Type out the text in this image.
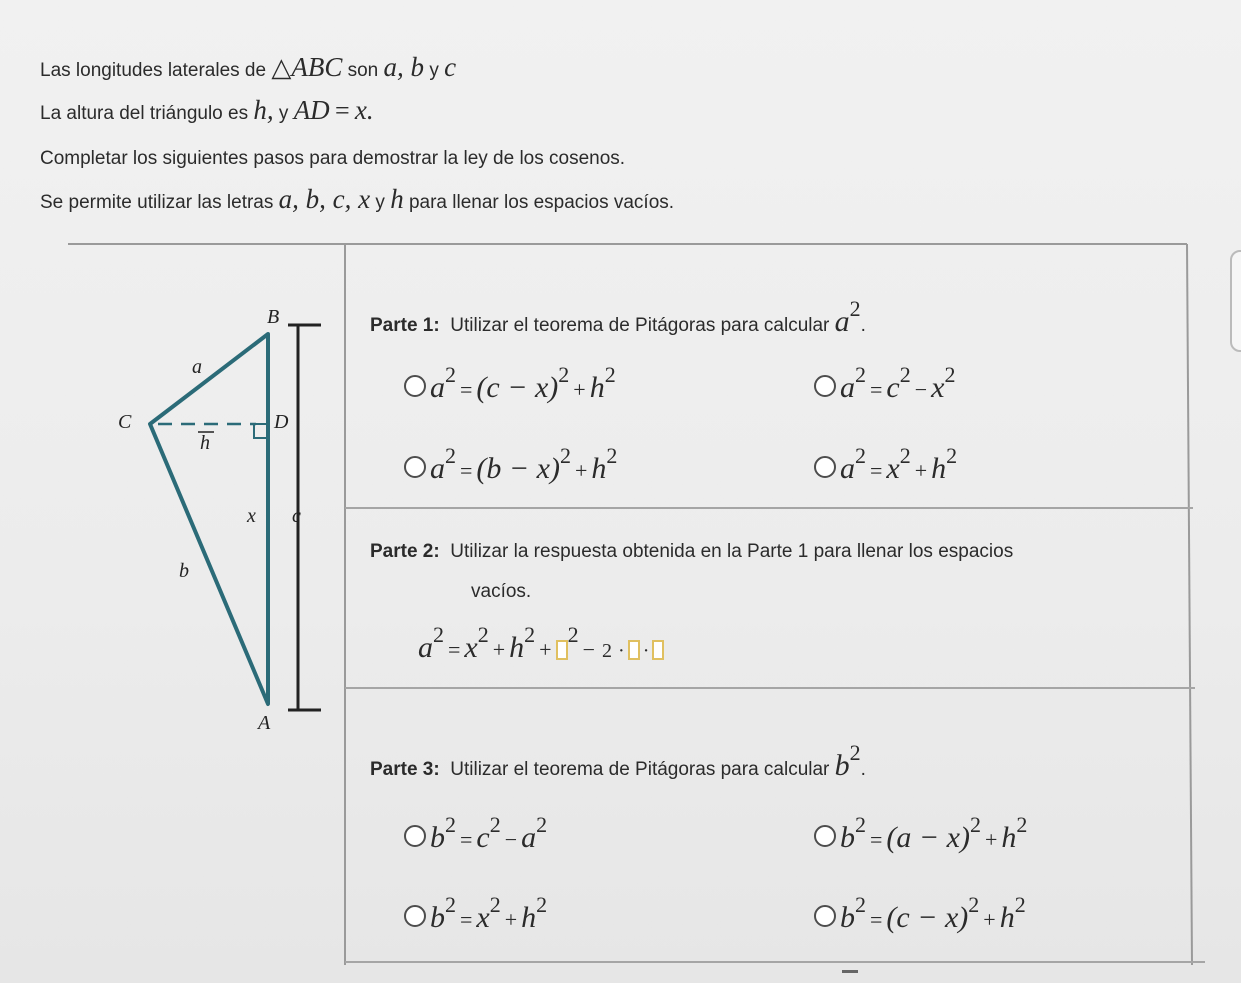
Las longitudes laterales de △ABC son a, b y c
La altura del triángulo es h, y AD = x.
Completar los siguientes pasos para demostrar la ley de los cosenos.
Se permite utilizar las letras a, b, c, x y h para llenar los espacios vacíos.
B
a
C	D
h
x c
b
A
Parte 1: Utilizar el teorema de Pitágoras para calcular $a^2$.
$a^2= (c - x)^2+ h^2$	$a^2= c^2- x^2$
$a^2= (b - x)^2+ h^2$	$a^2= x^2+ h^2$
Parte 2: Utilizar la respuesta obtenida en la Parte 1 para llenar los espacios
vacíos.
$a^2= x^2+ h^2+^2- 2$ · ·
Parte 3: Utilizar el teorema de Pitágoras para calcular $b^2$.
$b^2= c^2- a^2$	$b^2= (a - x)^2+ h^2$
$b^2= x^2+ h^2$	$b^2= (c - x)^2+ h^2$
